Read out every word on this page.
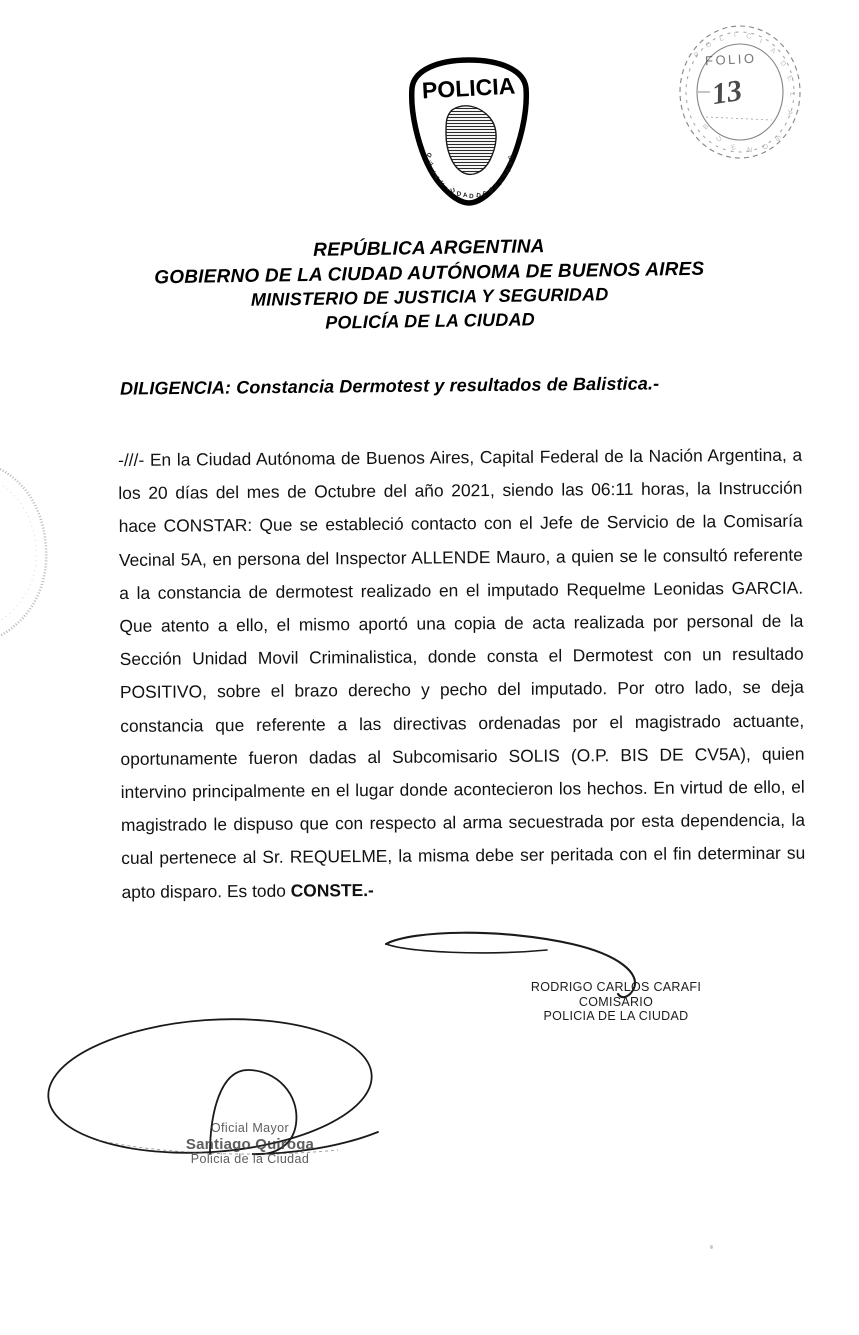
P
O
L I C
I
A
D
E
L
A
B
U
E N O
S
FOLIO
13
POLICIA
D
E
L
A
C
I U D A D D E B
S
A
I
R
E
S
REPÚBLICA ARGENTINA
GOBIERNO DE LA CIUDAD AUTÓNOMA DE BUENOS AIRES
MINISTERIO DE JUSTICIA Y SEGURIDAD
POLICÍA DE LA CIUDAD
DILIGENCIA: Constancia Dermotest y resultados de Balistica.-
-///- En la Ciudad Autónoma de Buenos Aires, Capital Federal de la Nación Argentina, a los 20 días del mes de Octubre del año 2021, siendo las 06:11 horas, la Instrucción hace CONSTAR: Que se estableció contacto con el Jefe de Servicio de la Comisaría Vecinal 5A, en persona del Inspector ALLENDE Mauro, a quien se le consultó referente a la constancia de dermotest realizado en el imputado Requelme Leonidas GARCIA. Que atento a ello, el mismo aportó una copia de acta realizada por personal de la Sección Unidad Movil Criminalistica, donde consta el Dermotest con un resultado POSITIVO, sobre el brazo derecho y pecho del imputado. Por otro lado, se deja constancia que referente a las directivas ordenadas por el magistrado actuante, oportunamente fueron dadas al Subcomisario SOLIS (O.P. BIS DE CV5A), quien intervino principalmente en el lugar donde acontecieron los hechos. En virtud de ello, el magistrado le dispuso que con respecto al arma secuestrada por esta dependencia, la cual pertenece al Sr. REQUELME, la misma debe ser peritada con el fin determinar su apto disparo. Es todo CONSTE.-
RODRIGO CARLOS CARAFI
COMISARIO
POLICIA DE LA CIUDAD
Oficial Mayor
Santiago Quiroga
Policia de la Ciudad
